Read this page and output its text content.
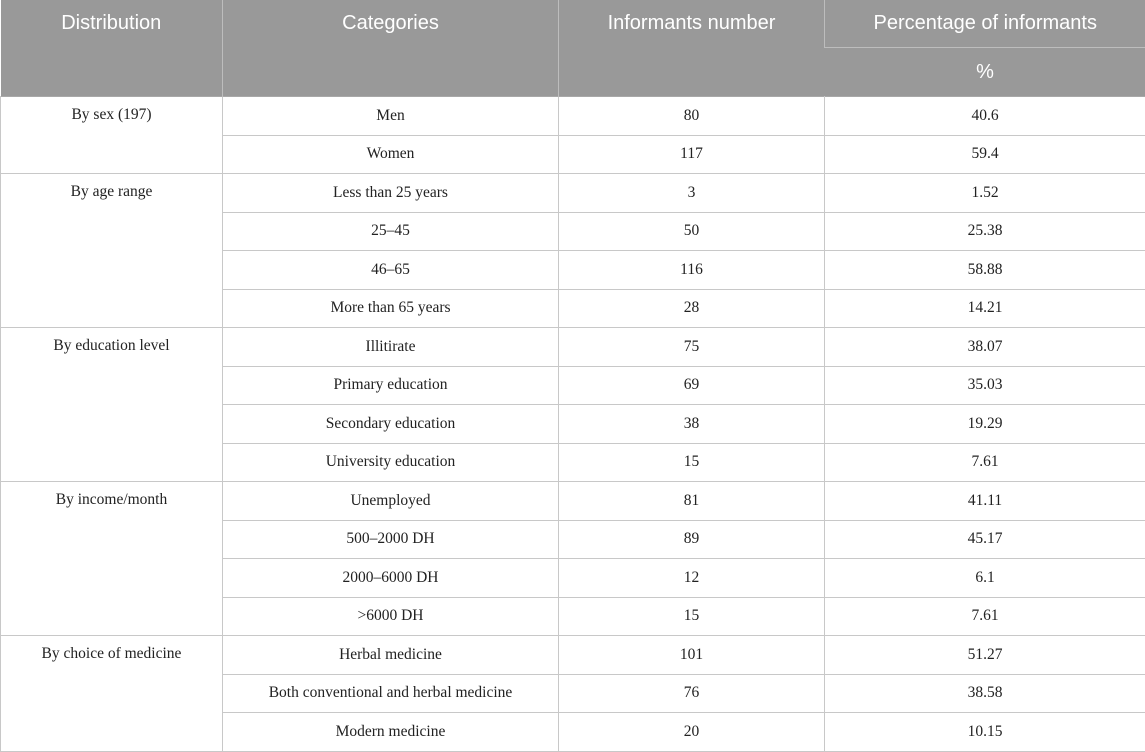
Distribution	Categories	Informants number	Percentage of informants
			%
By sex (197)	Men	80	40.6
	Women	117	59.4
By age range	Less than 25 years	3	1.52
	25–45	50	25.38
	46–65	116	58.88
	More than 65 years	28	14.21
By education level	Illitirate	75	38.07
	Primary education	69	35.03
	Secondary education	38	19.29
	University education	15	7.61
By income/month	Unemployed	81	41.11
	500–2000 DH	89	45.17
	2000–6000 DH	12	6.1
	>6000 DH	15	7.61
By choice of medicine	Herbal medicine	101	51.27
	Both conventional and herbal medicine	76	38.58
	Modern medicine	20	10.15
